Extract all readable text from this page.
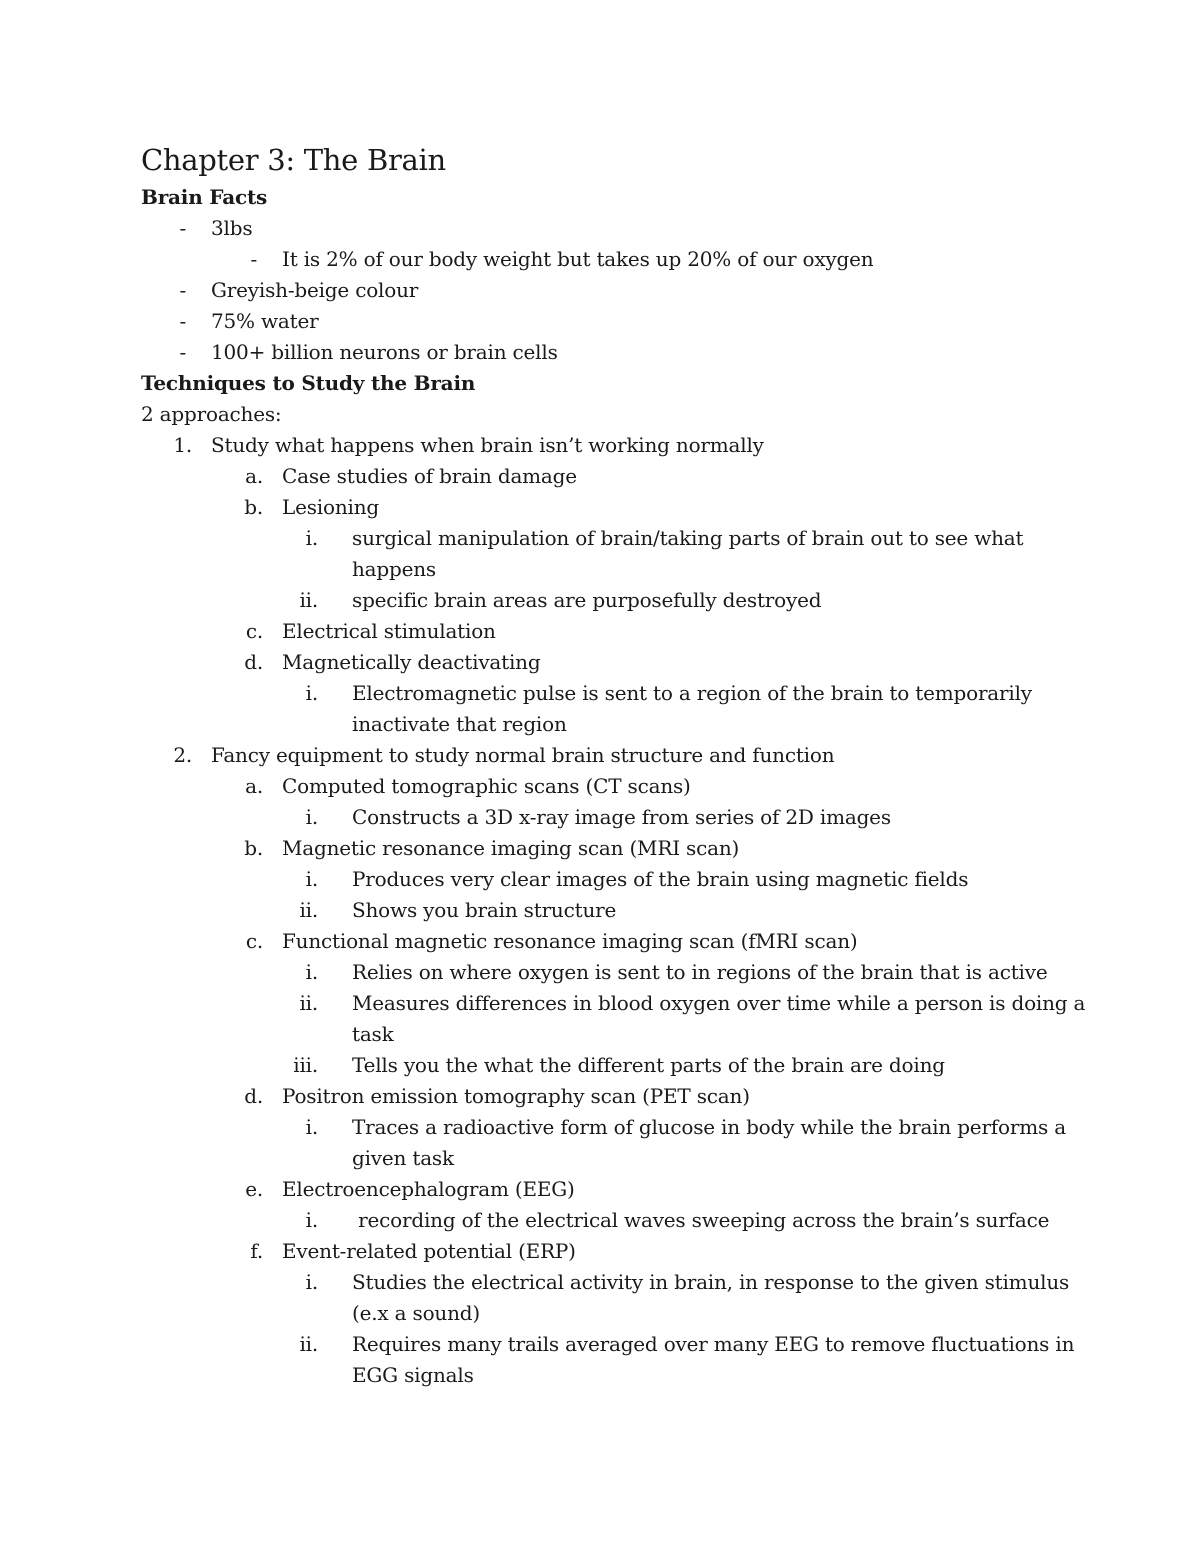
Chapter 3: The Brain
Brain Facts
- 3lbs
- It is 2% of our body weight but takes up 20% of our oxygen
- Greyish-beige colour
- 75% water
- 100+ billion neurons or brain cells
Techniques to Study the Brain
2 approaches:
1. Study what happens when brain isn’t working normally
a. Case studies of brain damage
b. Lesioning
i. surgical manipulation of brain/taking parts of brain out to see what
happens
ii. specific brain areas are purposefully destroyed
c. Electrical stimulation
d. Magnetically deactivating
i. Electromagnetic pulse is sent to a region of the brain to temporarily
inactivate that region
2. Fancy equipment to study normal brain structure and function
a. Computed tomographic scans (CT scans)
i. Constructs a 3D x-ray image from series of 2D images
b. Magnetic resonance imaging scan (MRI scan)
i. Produces very clear images of the brain using magnetic fields
ii. Shows you brain structure
c. Functional magnetic resonance imaging scan (fMRI scan)
i. Relies on where oxygen is sent to in regions of the brain that is active
ii. Measures differences in blood oxygen over time while a person is doing a
task
iii. Tells you the what the different parts of the brain are doing
d. Positron emission tomography scan (PET scan)
i. Traces a radioactive form of glucose in body while the brain performs a
given task
e. Electroencephalogram (EEG)
i. recording of the electrical waves sweeping across the brain’s surface
f. Event-related potential (ERP)
i. Studies the electrical activity in brain, in response to the given stimulus
(e.x a sound)
ii. Requires many trails averaged over many EEG to remove fluctuations in
EGG signals
